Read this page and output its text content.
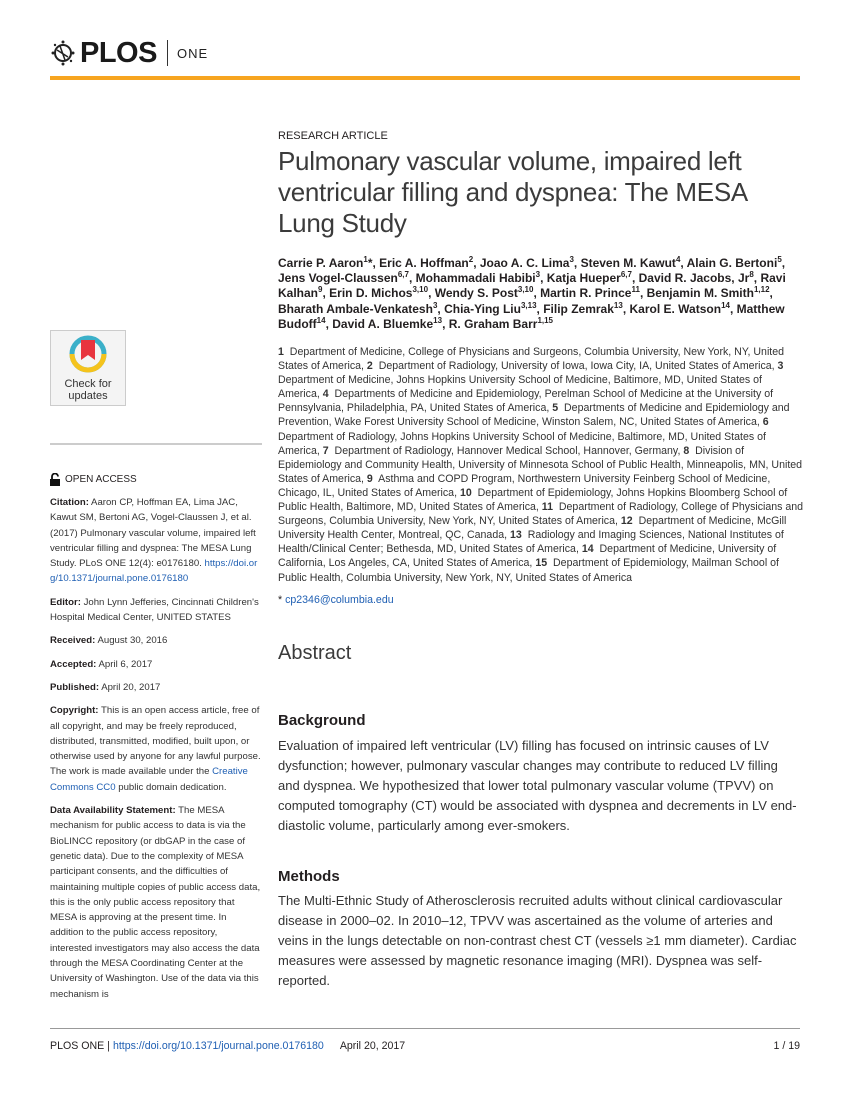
PLOS ONE
Check for
updates
OPEN ACCESS

Citation: Aaron CP, Hoffman EA, Lima JAC, Kawut SM, Bertoni AG, Vogel-Claussen J, et al. (2017) Pulmonary vascular volume, impaired left ventricular filling and dyspnea: The MESA Lung Study. PLoS ONE 12(4): e0176180. https://doi.org/10.1371/journal.pone.0176180

Editor: John Lynn Jefferies, Cincinnati Children's Hospital Medical Center, UNITED STATES

Received: August 30, 2016

Accepted: April 6, 2017

Published: April 20, 2017

Copyright: This is an open access article, free of all copyright, and may be freely reproduced, distributed, transmitted, modified, built upon, or otherwise used by anyone for any lawful purpose. The work is made available under the Creative Commons CC0 public domain dedication.

Data Availability Statement: The MESA mechanism for public access to data is via the BioLINCC repository (or dbGAP in the case of genetic data). Due to the complexity of MESA participant consents, and the difficulties of maintaining multiple copies of public access data, this is the only public access repository that MESA is approving at the present time. In addition to the public access repository, interested investigators may also access the data through the MESA Coordinating Center at the University of Washington. Use of the data via this mechanism is

RESEARCH ARTICLE
Pulmonary vascular volume, impaired left ventricular filling and dyspnea: The MESA Lung Study
Carrie P. Aaron$^1$*, Eric A. Hoffman$^2$, Joao A. C. Lima$^3$, Steven M. Kawut$^4$, Alain G. Bertoni$^5$, Jens Vogel-Claussen$^{6,7}$, Mohammadali Habibi$^3$, Katja Hueper$^{6,7}$, David R. Jacobs, Jr$^8$, Ravi Kalhan$^9$, Erin D. Michos$^{3,10}$, Wendy S. Post$^{3,10}$, Martin R. Prince$^{11}$, Benjamin M. Smith$^{1,12}$, Bharath Ambale-Venkatesh$^3$, Chia-Ying Liu$^{3,13}$, Filip Zemrak$^{13}$, Karol E. Watson$^{14}$, Matthew Budoff$^{14}$, David A. Bluemke$^{13}$, R. Graham Barr$^{1,15}$
1 Department of Medicine, College of Physicians and Surgeons, Columbia University, New York, NY, United States of America, 2 Department of Radiology, University of Iowa, Iowa City, IA, United States of America, 3  Department of Medicine, Johns Hopkins University School of Medicine, Baltimore, MD, United States of America, 4 Departments of Medicine and Epidemiology, Perelman School of Medicine at the University of Pennsylvania, Philadelphia, PA, United States of America, 5 Departments of Medicine and Epidemiology and Prevention, Wake Forest University School of Medicine, Winston Salem, NC, United States of America, 6  Department of Radiology, Johns Hopkins University School of Medicine, Baltimore, MD, United States of America, 7 Department of Radiology, Hannover Medical School, Hannover, Germany, 8 Division of Epidemiology and Community Health, University of Minnesota School of Public Health, Minneapolis, MN, United States of America, 9 Asthma and COPD Program, Northwestern University Feinberg School of Medicine, Chicago, IL, United States of America, 10 Department of Epidemiology, Johns Hopkins Bloomberg School of Public Health, Baltimore, MD, United States of America, 11 Department of Radiology, College of Physicians and Surgeons, Columbia University, New York, NY, United States of America, 12 Department of Medicine, McGill University Health Center, Montreal, QC, Canada, 13 Radiology and Imaging Sciences, National Institutes of Health/Clinical Center; Bethesda, MD, United States of America, 14 Department of Medicine, University of California, Los Angeles, CA, United States of America, 15 Department of Epidemiology, Mailman School of Public Health, Columbia University, New York, NY, United States of America
* cp2346@columbia.edu
Abstract
Background
Evaluation of impaired left ventricular (LV) filling has focused on intrinsic causes of LV dysfunction; however, pulmonary vascular changes may contribute to reduced LV filling and dyspnea. We hypothesized that lower total pulmonary vascular volume (TPVV) on computed tomography (CT) would be associated with dyspnea and decrements in LV end-diastolic volume, particularly among ever-smokers.
Methods
The Multi-Ethnic Study of Atherosclerosis recruited adults without clinical cardiovascular disease in 2000–02. In 2010–12, TPVV was ascertained as the volume of arteries and veins in the lungs detectable on non-contrast chest CT (vessels ≥1 mm diameter). Cardiac measures were assessed by magnetic resonance imaging (MRI). Dyspnea was self-reported.
PLOS ONE | https://doi.org/10.1371/journal.pone.0176180 April 20, 2017	1 / 19
